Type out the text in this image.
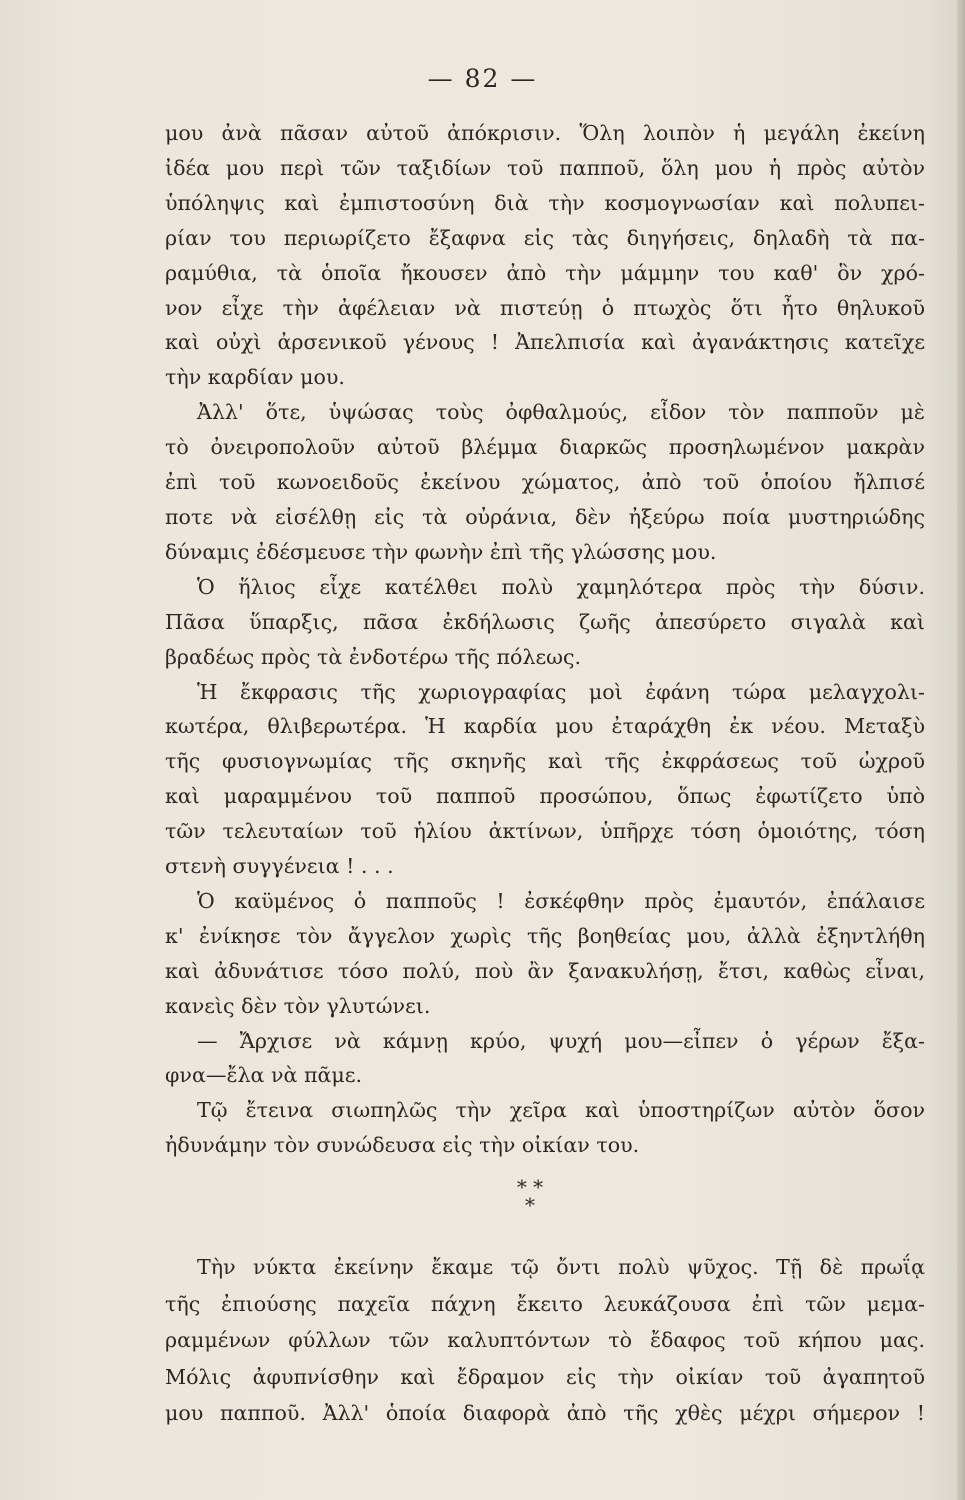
— 82 —
μου ἀνὰ πᾶσαν αὐτοῦ ἀπόκρισιν. Ὅλη λοιπὸν ἡ μεγάλη ἐκείνη
ἰδέα μου περὶ τῶν ταξιδίων τοῦ παπποῦ, ὅλη μου ἡ πρὸς αὐτὸν
ὑπόληψις καὶ ἐμπιστοσύνη διὰ τὴν κοσμογνωσίαν καὶ πολυπει-
ρίαν του περιωρίζετο ἔξαφνα εἰς τὰς διηγήσεις, δηλαδὴ τὰ πα-
ραμύθια, τὰ ὁποῖα ἤκουσεν ἀπὸ τὴν μάμμην του καθ' ὃν χρό-
νον εἶχε τὴν ἀφέλειαν νὰ πιστεύῃ ὁ πτωχὸς ὅτι ἦτο θηλυκοῦ
καὶ οὐχὶ ἀρσενικοῦ γένους ! Ἀπελπισία καὶ ἀγανάκτησις κατεῖχε
τὴν καρδίαν μου.
Ἀλλ' ὅτε, ὑψώσας τοὺς ὀφθαλμούς, εἶδον τὸν παπποῦν μὲ
τὸ ὀνειροπολοῦν αὐτοῦ βλέμμα διαρκῶς προσηλωμένον μακρὰν
ἐπὶ τοῦ κωνοειδοῦς ἐκείνου χώματος, ἀπὸ τοῦ ὁποίου ἤλπισέ
ποτε νὰ εἰσέλθῃ εἰς τὰ οὐράνια, δὲν ἠξεύρω ποία μυστηριώδης
δύναμις ἐδέσμευσε τὴν φωνὴν ἐπὶ τῆς γλώσσης μου.
Ὁ ἥλιος εἶχε κατέλθει πολὺ χαμηλότερα πρὸς τὴν δύσιν.
Πᾶσα ὕπαρξις, πᾶσα ἐκδήλωσις ζωῆς ἀπεσύρετο σιγαλὰ καὶ
βραδέως πρὸς τὰ ἐνδοτέρω τῆς πόλεως.
Ἡ ἔκφρασις τῆς χωριογραφίας μοὶ ἐφάνη τώρα μελαγχολι-
κωτέρα, θλιβερωτέρα. Ἡ καρδία μου ἐταράχθη ἐκ νέου. Μεταξὺ
τῆς φυσιογνωμίας τῆς σκηνῆς καὶ τῆς ἐκφράσεως τοῦ ὠχροῦ
καὶ μαραμμένου τοῦ παπποῦ προσώπου, ὅπως ἐφωτίζετο ὑπὸ
τῶν τελευταίων τοῦ ἡλίου ἀκτίνων, ὑπῆρχε τόση ὁμοιότης, τόση
στενὴ συγγένεια ! . . .
Ὁ καϋμένος ὁ παπποῦς ! ἐσκέφθην πρὸς ἐμαυτόν, ἐπάλαισε
κ' ἐνίκησε τὸν ἄγγελον χωρὶς τῆς βοηθείας μου, ἀλλὰ ἐξηντλήθη
καὶ ἀδυνάτισε τόσο πολύ, ποὺ ἂν ξανακυλήσῃ, ἔτσι, καθὼς εἶναι,
κανεὶς δὲν τὸν γλυτώνει.
— Ἄρχισε νὰ κάμνῃ κρύο, ψυχή μου—εἶπεν ὁ γέρων ἔξα-
φνα—ἔλα νὰ πᾶμε.
Τῷ ἔτεινα σιωπηλῶς τὴν χεῖρα καὶ ὑποστηρίζων αὐτὸν ὅσον
ἠδυνάμην τὸν συνώδευσα εἰς τὴν οἰκίαν του.
* *
*
Τὴν νύκτα ἐκείνην ἔκαμε τῷ ὄντι πολὺ ψῦχος. Τῇ δὲ πρωΐᾳ
τῆς ἐπιούσης παχεῖα πάχνη ἔκειτο λευκάζουσα ἐπὶ τῶν μεμα-
ραμμένων φύλλων τῶν καλυπτόντων τὸ ἔδαφος τοῦ κήπου μας.
Μόλις ἀφυπνίσθην καὶ ἔδραμον εἰς τὴν οἰκίαν τοῦ ἀγαπητοῦ
μου παπποῦ. Ἀλλ' ὁποία διαφορὰ ἀπὸ τῆς χθὲς μέχρι σήμερον !
